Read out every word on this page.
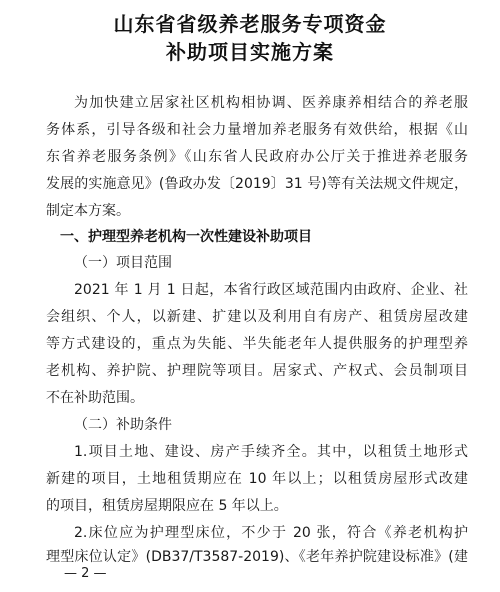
山东省省级养老服务专项资金
补助项目实施方案

为加快建立居家社区机构相协调、医养康养相结合的养老服

务体系，引导各级和社会力量增加养老服务有效供给，根据《山

东省养老服务条例》《山东省人民政府办公厅关于推进养老服务

发展的实施意见》(鲁政办发〔2019〕31 号)等有关法规文件规定，

制定本方案。

一、护理型养老机构一次性建设补助项目

（一）项目范围

2021 年 1 月 1 日起，本省行政区域范围内由政府、企业、社

会组织、个人，以新建、扩建以及利用自有房产、租赁房屋改建

等方式建设的，重点为失能、半失能老年人提供服务的护理型养

老机构、养护院、护理院等项目。居家式、产权式、会员制项目

不在补助范围。

（二）补助条件

1.项目土地、建设、房产手续齐全。其中，以租赁土地形式

新建的项目，土地租赁期应在 10 年以上；以租赁房屋形式改建

的项目，租赁房屋期限应在 5 年以上。

2.床位应为护理型床位，不少于 20 张，符合《养老机构护

理型床位认定》(DB37/T3587-2019)、《老年养护院建设标准》(建

— 2 —
